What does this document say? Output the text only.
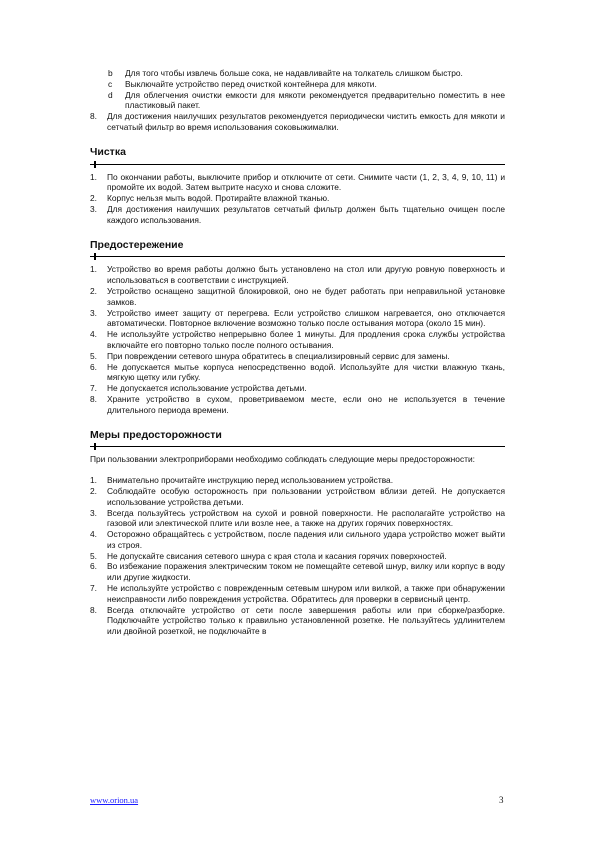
b	Для того чтобы извлечь больше сока, не надавливайте на толкатель слишком быстро.
c	Выключайте устройство перед очисткой контейнера для мякоти.
d	Для облегчения очистки емкости для мякоти рекомендуется предварительно поместить в нее пластиковый пакет.
8.	Для достижения наилучших результатов рекомендуется периодически чистить емкость для мякоти и сетчатый фильтр во время использования соковыжималки.
Чистка
1.	По окончании работы, выключите прибор и отключите от сети. Снимите части (1, 2, 3, 4, 9, 10, 11) и промойте их водой. Затем вытрите насухо и снова сложите.
2.	Корпус нельзя мыть водой. Протирайте влажной тканью.
3.	Для достижения наилучших результатов сетчатый фильтр должен быть тщательно очищен после каждого использования.
Предостережение
1.	Устройство во время работы должно быть установлено на стол или другую ровную поверхность и использоваться в соответствии с инструкцией.
2.	Устройство оснащено защитной блокировкой, оно не будет работать при неправильной установке замков.
3.	Устройство имеет защиту от перегрева. Если устройство слишком нагревается, оно отключается автоматически. Повторное включение возможно только после остывания мотора (около 15 мин).
4.	Не используйте устройство непрерывно более 1 минуты. Для продления срока службы устройства включайте его повторно только после полного остывания.
5.	При повреждении сетевого шнура обратитесь в специализировный сервис для замены.
6.	Не допускается мытье корпуса непосредственно водой. Используйте для чистки влажную ткань, мягкую щетку или губку.
7.	Не допускается использование устройства детьми.
8.	Храните устройство в сухом, проветриваемом месте, если оно не используется в течение длительного периода времени.
Меры предосторожности
При пользовании электроприборами необходимо соблюдать следующие меры предосторожности:
1.	Внимательно прочитайте инструкцию перед использованием устройства.
2.	Соблюдайте особую осторожность при пользовании устройством вблизи детей. Не допускается использование устройства детьми.
3.	Всегда пользуйтесь устройством на сухой и ровной поверхности. Не располагайте устройство на газовой или электической плите или возле нее, а также на других горячих поверхностях.
4.	Осторожно обращайтесь с устройством, после падения или сильного удара устройство может выйти из строя.
5.	Не допускайте свисания сетевого шнура с края стола и касания горячих поверхностей.
6.	Во избежание поражения электрическим током не помещайте сетевой шнур, вилку или корпус в воду или другие жидкости.
7.	Не используйте устройство с поврежденным сетевым шнуром или вилкой, а также при обнаружении неисправности либо повреждения устройства. Обратитесь для проверки в сервисный центр.
8.	Всегда отключайте устройство от сети после завершения работы или при сборке/разборке. Подключайте устройство только к правильно установленной розетке. Не пользуйтесь удлинителем или двойной розеткой, не подключайте в
www.orion.ua	3
